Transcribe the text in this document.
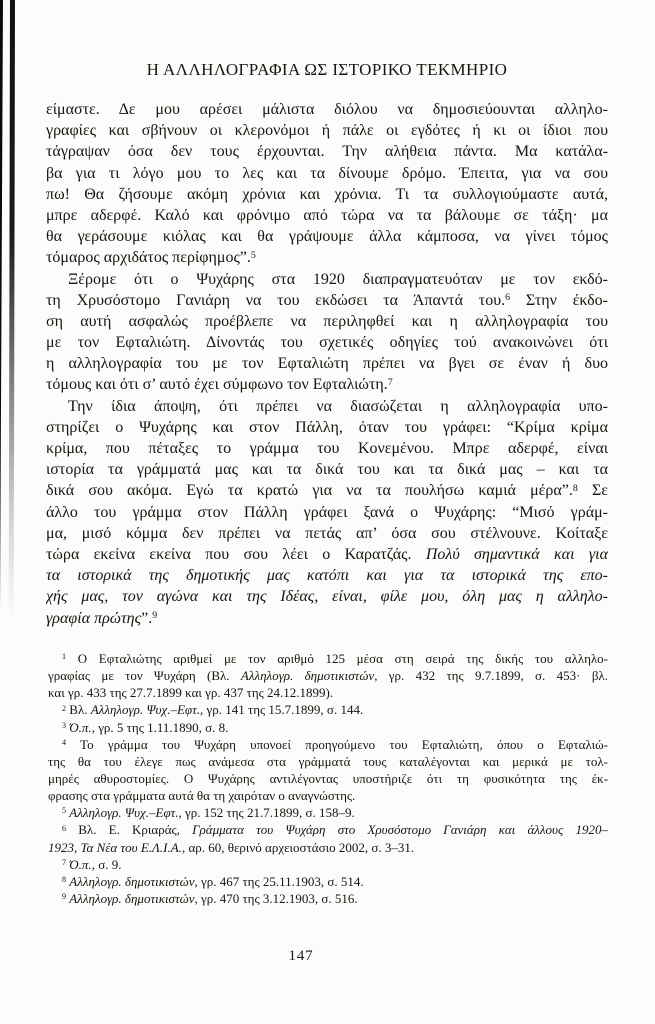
Η ΑΛΛΗΛΟΓΡΑΦΙΑ ΩΣ ΙΣΤΟΡΙΚΟ ΤΕΚΜΗΡΙΟ
είμαστε. Δε μου αρέσει μάλιστα διόλου να δημοσιεύουνται αλληλο-
γραφίες και σβήνουν οι κλερονόμοι ή πάλε οι εγδότες ή κι οι ίδιοι που
τάγραψαν όσα δεν τους έρχουνται. Την αλήθεια πάντα. Μα κατάλα-
βα για τι λόγο μου το λες και τα δίνουμε δρόμο. Έπειτα, για να σου
πω! Θα ζήσουμε ακόμη χρόνια και χρόνια. Τι τα συλλογιούμαστε αυτά,
μπρε αδερφέ. Καλό και φρόνιμο από τώρα να τα βάλουμε σε τάξη· μα
θα γεράσουμε κιόλας και θα γράψουμε άλλα κάμποσα, να γίνει τόμος
τόμαρος αρχιδάτος περίφημος”.$^5$
Ξέρομε ότι ο Ψυχάρης στα 1920 διαπραγματευόταν με τον εκδό-
τη Χρυσόστομο Γανιάρη να του εκδώσει τα Άπαντά του.$^6$ Στην έκδο-
ση αυτή ασφαλώς προέβλεπε να περιληφθεί και η αλληλογραφία του
με τον Εφταλιώτη. Δίνοντάς του σχετικές οδηγίες τού ανακοινώνει ότι
η αλληλογραφία του με τον Εφταλιώτη πρέπει να βγει σε έναν ή δυο
τόμους και ότι σ’ αυτό έχει σύμφωνο τον Εφταλιώτη.$^7$
Την ίδια άποψη, ότι πρέπει να διασώζεται η αλληλογραφία υπο-
στηρίζει ο Ψυχάρης και στον Πάλλη, όταν του γράφει: “Κρίμα κρίμα
κρίμα, που πέταξες το γράμμα του Κονεμένου. Μπρε αδερφέ, είναι
ιστορία τα γράμματά μας και τα δικά του και τα δικά μας – και τα
δικά σου ακόμα. Εγώ τα κρατώ για να τα πουλήσω καμιά μέρα”.$^8$ Σε
άλλο του γράμμα στον Πάλλη γράφει ξανά ο Ψυχάρης: “Μισό γράμ-
μα, μισό κόμμα δεν πρέπει να πετάς απ’ όσα σου στέλνουνε. Κοίταξε
τώρα εκείνα εκείνα που σου λέει ο Καρατζάς. Πολύ σημαντικά και για
τα ιστορικά της δημοτικής μας κατόπι και για τα ιστορικά της επο-
χής μας, τον αγώνα και της Ιδέας, είναι, φίλε μου, όλη μας η αλληλο-
γραφία πρώτης”.$^9$
$^1$ Ο Εφταλιώτης αριθμεί με τον αριθμό 125 μέσα στη σειρά της δικής του αλληλο-
γραφίας με τον Ψυχάρη (Βλ. Αλληλογρ. δημοτικιστών, γρ. 432 της 9.7.1899, σ. 453· βλ.
και γρ. 433 της 27.7.1899 και γρ. 437 της 24.12.1899).
$^2$ Βλ. Αλληλογρ. Ψυχ.–Εφτ., γρ. 141 της 15.7.1899, σ. 144.
$^3$ Ό.π., γρ. 5 της 1.11.1890, σ. 8.
$^4$ Το γράμμα του Ψυχάρη υπονοεί προηγούμενο του Εφταλιώτη, όπου ο Εφταλιώ-
της θα του έλεγε πως ανάμεσα στα γράμματά τους καταλέγονται και μερικά με τολ-
μηρές αθυροστομίες. Ο Ψυχάρης αντιλέγοντας υποστήριζε ότι τη φυσικότητα της έκ-
φρασης στα γράμματα αυτά θα τη χαιρόταν ο αναγνώστης.
$^5$ Αλληλογρ. Ψυχ.–Εφτ., γρ. 152 της 21.7.1899, σ. 158–9.
$^6$ Βλ. Ε. Κριαράς, Γράμματα του Ψυχάρη στο Χρυσόστομο Γανιάρη και άλλους 1920–
1923, Τα Νέα του Ε.Λ.Ι.Α., αρ. 60, θερινό αρχειοστάσιο 2002, σ. 3–31.
$^7$ Ό.π., σ. 9.
$^8$ Αλληλογρ. δημοτικιστών, γρ. 467 της 25.11.1903, σ. 514.
$^9$ Αλληλογρ. δημοτικιστών, γρ. 470 της 3.12.1903, σ. 516.
147
